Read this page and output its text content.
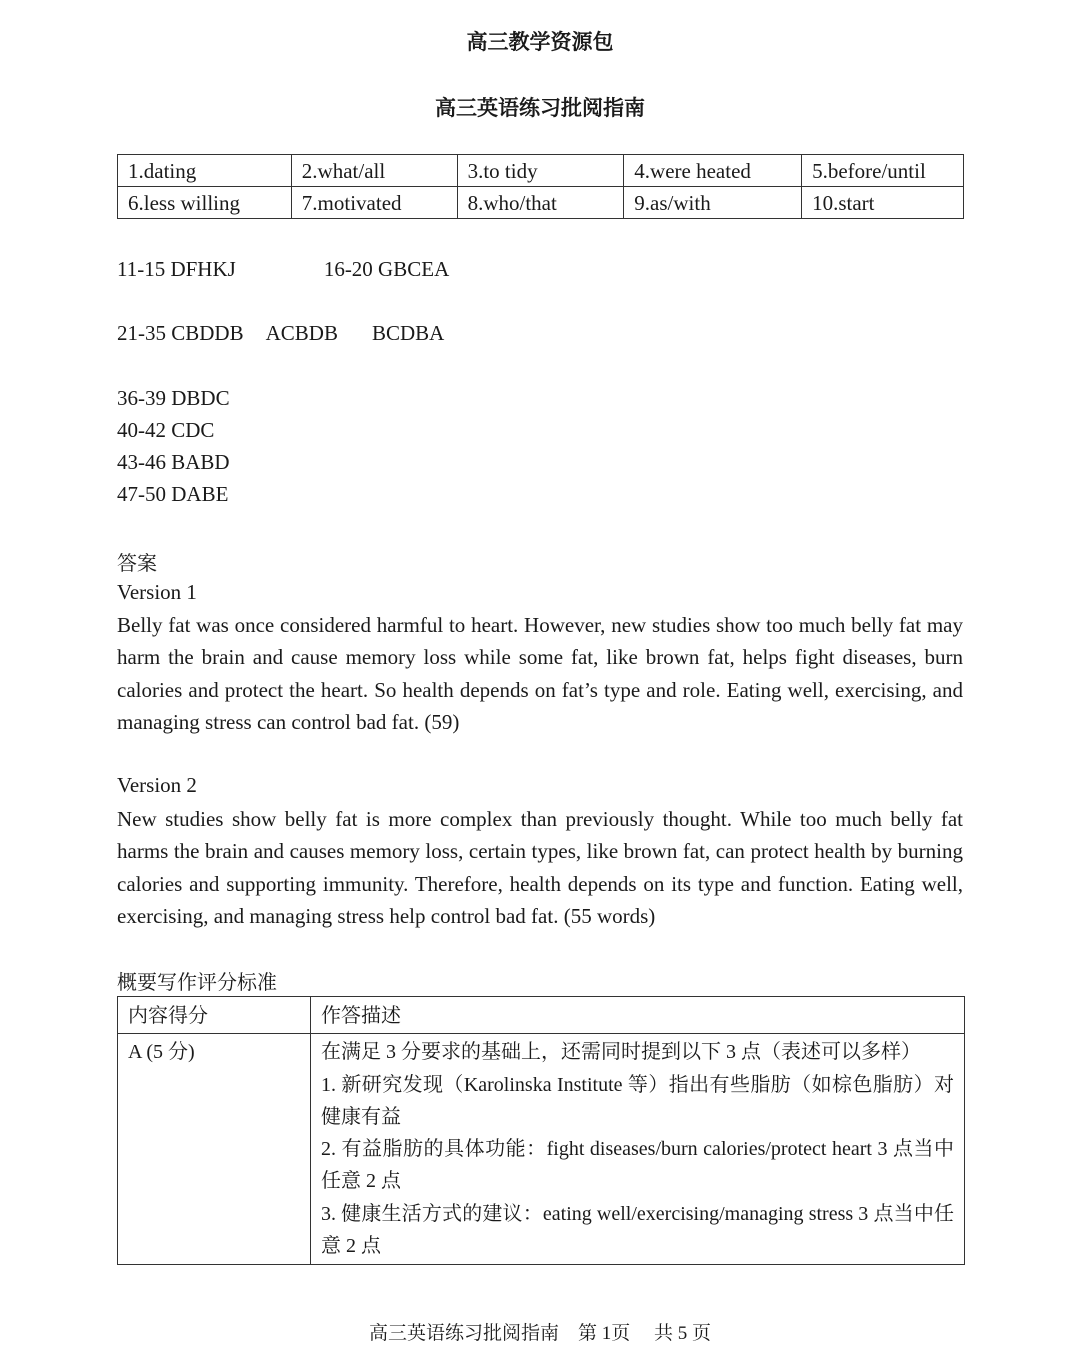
高三教学资源包
高三英语练习批阅指南
1.dating	2.what/all	3.to tidy	4.were heated	5.before/until
6.less willing	7.motivated	8.who/that	9.as/with	10.start
11-15 DFHKJ	16-20 GBCEA
21-35 CBDDB ACBDB BCDBA
36-39 DBDC
40-42 CDC
43-46 BABD
47-50 DABE
答案
Version 1
Belly fat was once considered harmful to heart. However, new studies show too much belly fat may harm the brain and cause memory loss while some fat, like brown fat, helps fight diseases, burn calories and protect the heart. So health depends on fat’s type and role. Eating well, exercising, and managing stress can control bad fat. (59)
Version 2
New studies show belly fat is more complex than previously thought. While too much belly fat harms the brain and causes memory loss, certain types, like brown fat, can protect health by burning calories and supporting immunity. Therefore, health depends on its type and function. Eating well, exercising, and managing stress help control bad fat. (55 words)
概要写作评分标准
内容得分	作答描述
A (5 分)	在满足 3 分要求的基础上，还需同时提到以下 3 点（表述可以多样）
1. 新研究发现（Karolinska Institute 等）指出有些脂肪（如棕色脂肪）对健康有益
2. 有益脂肪的具体功能：fight diseases/burn calories/protect heart 3 点当中任意 2 点
3. 健康生活方式的建议：eating well/exercising/managing stress 3 点当中任意 2 点
高三英语练习批阅指南　第 1页　 共 5 页
